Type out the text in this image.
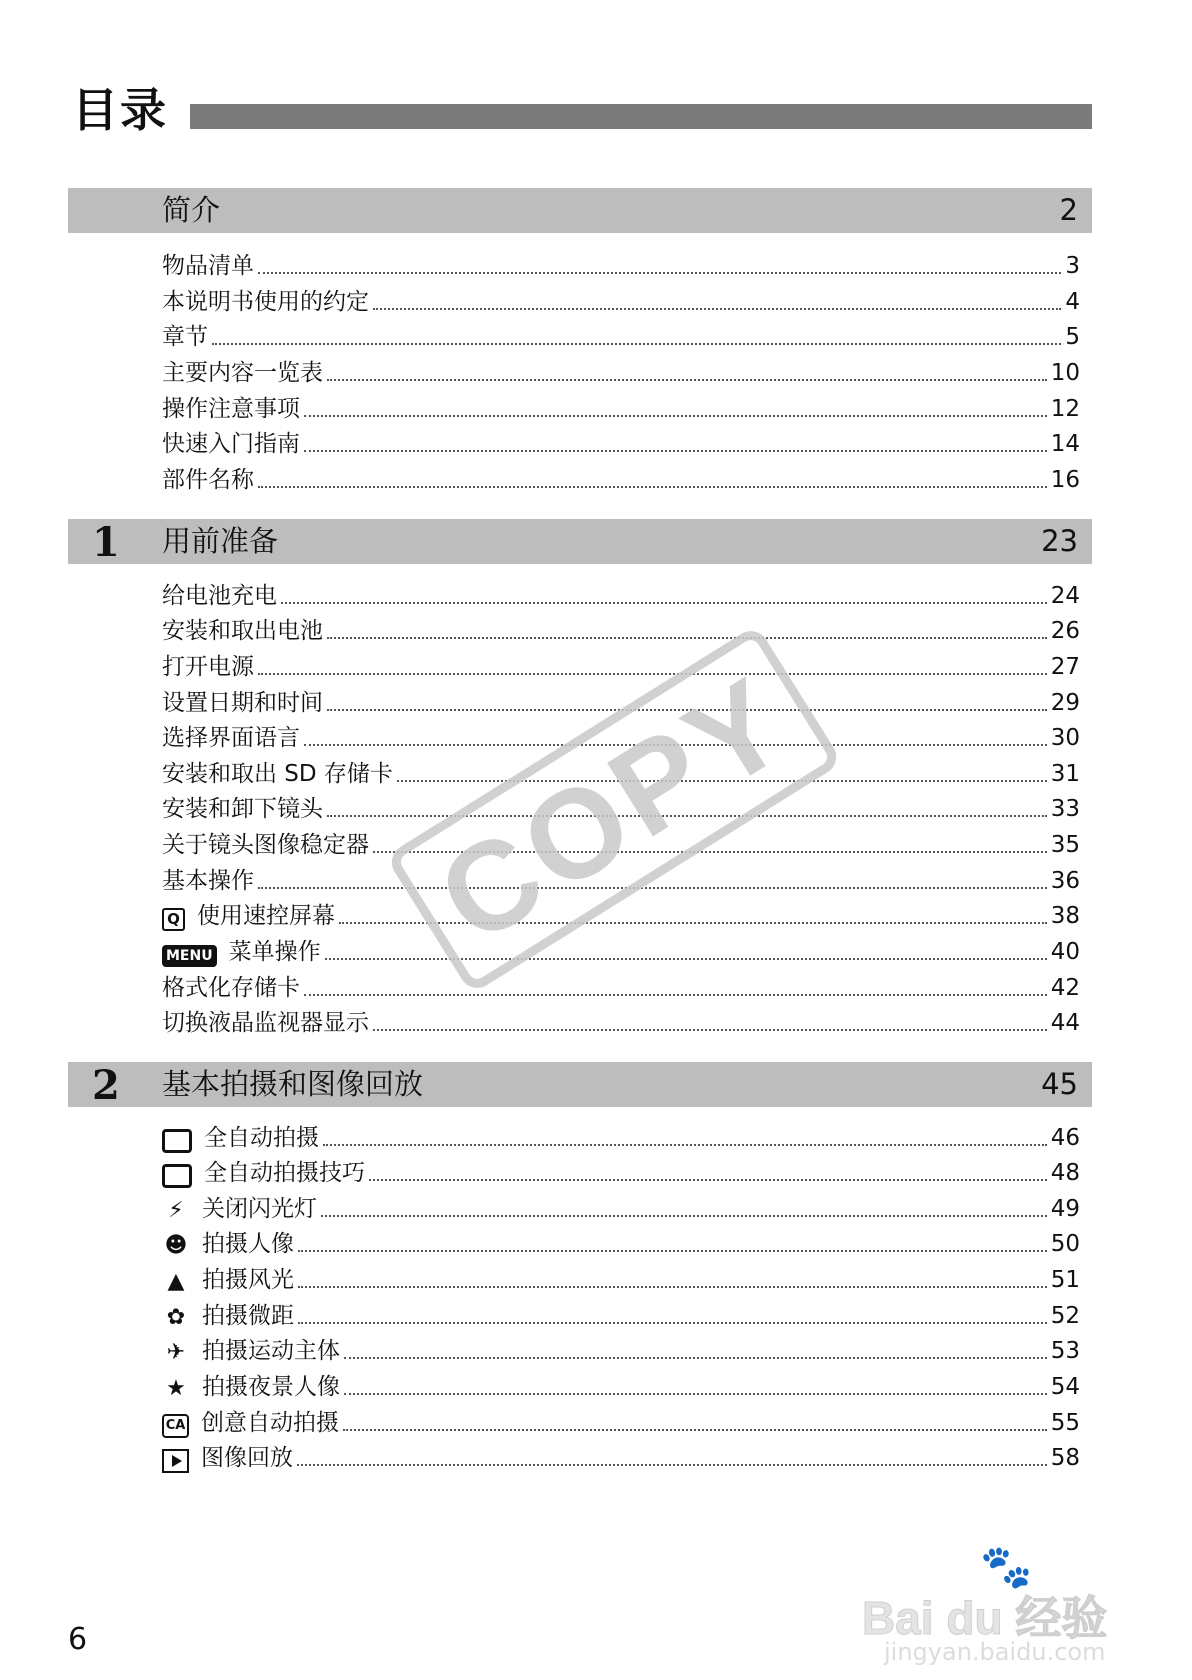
目录
简介	2
物品清单	3
本说明书使用的约定	4
章节	5
主要内容一览表	10
操作注意事项	12
快速入门指南	14
部件名称	16
1 用前准备	23
给电池充电	24
安装和取出电池	26
打开电源	27
设置日期和时间	29
选择界面语言	30
安装和取出 SD 存储卡	31
安装和卸下镜头	33
关于镜头图像稳定器	35
基本操作	36
Q 使用速控屏幕	38
MENU 菜单操作	40
格式化存储卡	42
切换液晶监视器显示	44
2 基本拍摄和图像回放	45
全自动拍摄	46
全自动拍摄技巧	48
⚡ 关闭闪光灯	49
☻ 拍摄人像	50
▲ 拍摄风光	51
✿ 拍摄微距	52
✈ 拍摄运动主体	53
★ 拍摄夜景人像	54
CA 创意自动拍摄	55
图像回放	58
COPY
🐾
Bai du 经验
jingyan.baidu.com
6
